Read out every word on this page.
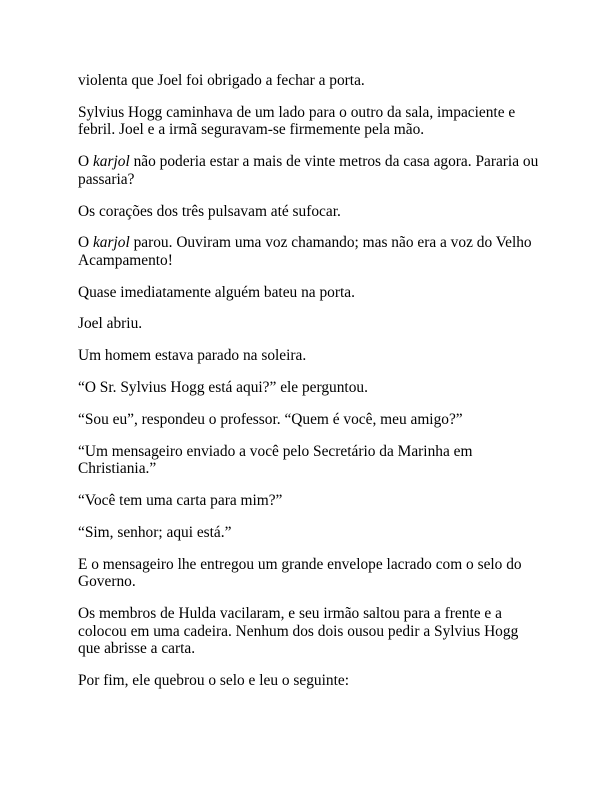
violenta que Joel foi obrigado a fechar a porta.

Sylvius Hogg caminhava de um lado para o outro da sala, impaciente e febril. Joel e a irmã seguravam-se firmemente pela mão.

O karjol não poderia estar a mais de vinte metros da casa agora. Pararia ou passaria?

Os corações dos três pulsavam até sufocar.

O karjol parou. Ouviram uma voz chamando; mas não era a voz do Velho Acampamento!

Quase imediatamente alguém bateu na porta.

Joel abriu.

Um homem estava parado na soleira.

“O Sr. Sylvius Hogg está aqui?” ele perguntou.

“Sou eu”, respondeu o professor. “Quem é você, meu amigo?”

“Um mensageiro enviado a você pelo Secretário da Marinha em Christiania.”

“Você tem uma carta para mim?”

“Sim, senhor; aqui está.”

E o mensageiro lhe entregou um grande envelope lacrado com o selo do Governo.

Os membros de Hulda vacilaram, e seu irmão saltou para a frente e a colocou em uma cadeira. Nenhum dos dois ousou pedir a Sylvius Hogg que abrisse a carta.

Por fim, ele quebrou o selo e leu o seguinte:
